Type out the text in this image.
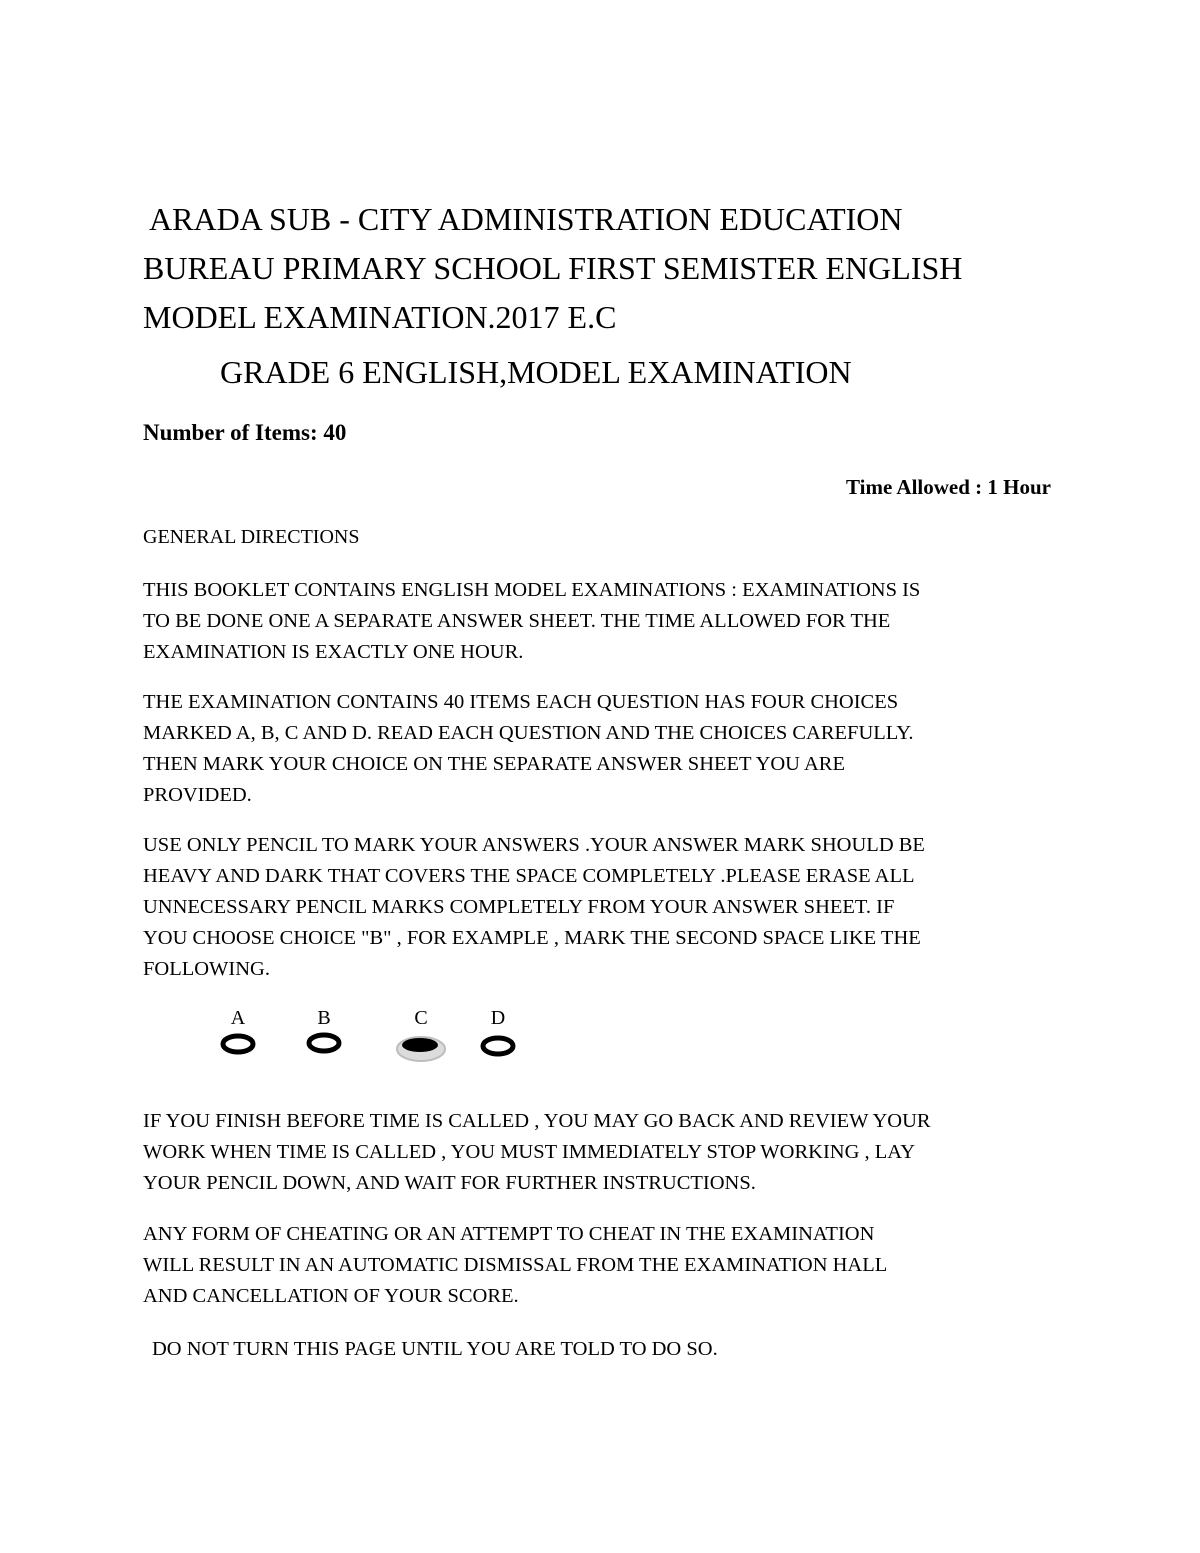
ARADA SUB - CITY ADMINISTRATION EDUCATION
BUREAU PRIMARY SCHOOL FIRST SEMISTER ENGLISH
MODEL EXAMINATION.2017 E.C
GRADE 6 ENGLISH,MODEL EXAMINATION

Number of Items: 40

Time Allowed : 1 Hour

GENERAL DIRECTIONS

THIS BOOKLET CONTAINS ENGLISH MODEL EXAMINATIONS : EXAMINATIONS IS
TO BE DONE ONE A SEPARATE ANSWER SHEET. THE TIME ALLOWED FOR THE
EXAMINATION IS EXACTLY ONE HOUR.

THE EXAMINATION CONTAINS 40 ITEMS EACH QUESTION HAS FOUR CHOICES
MARKED A, B, C AND D. READ EACH QUESTION AND THE CHOICES CAREFULLY.
THEN MARK YOUR CHOICE ON THE SEPARATE ANSWER SHEET YOU ARE
PROVIDED.

USE ONLY PENCIL TO MARK YOUR ANSWERS .YOUR ANSWER MARK SHOULD BE
HEAVY AND DARK THAT COVERS THE SPACE COMPLETELY .PLEASE ERASE ALL
UNNECESSARY PENCIL MARKS COMPLETELY FROM YOUR ANSWER SHEET. IF
YOU CHOOSE CHOICE "B" , FOR EXAMPLE , MARK THE SECOND SPACE LIKE THE
FOLLOWING.

A	B	C	D

IF YOU FINISH BEFORE TIME IS CALLED , YOU MAY GO BACK AND REVIEW YOUR
WORK WHEN TIME IS CALLED , YOU MUST IMMEDIATELY STOP WORKING , LAY
YOUR PENCIL DOWN, AND WAIT FOR FURTHER INSTRUCTIONS.

ANY FORM OF CHEATING OR AN ATTEMPT TO CHEAT IN THE EXAMINATION
WILL RESULT IN AN AUTOMATIC DISMISSAL FROM THE EXAMINATION HALL
AND CANCELLATION OF YOUR SCORE.

DO NOT TURN THIS PAGE UNTIL YOU ARE TOLD TO DO SO.
